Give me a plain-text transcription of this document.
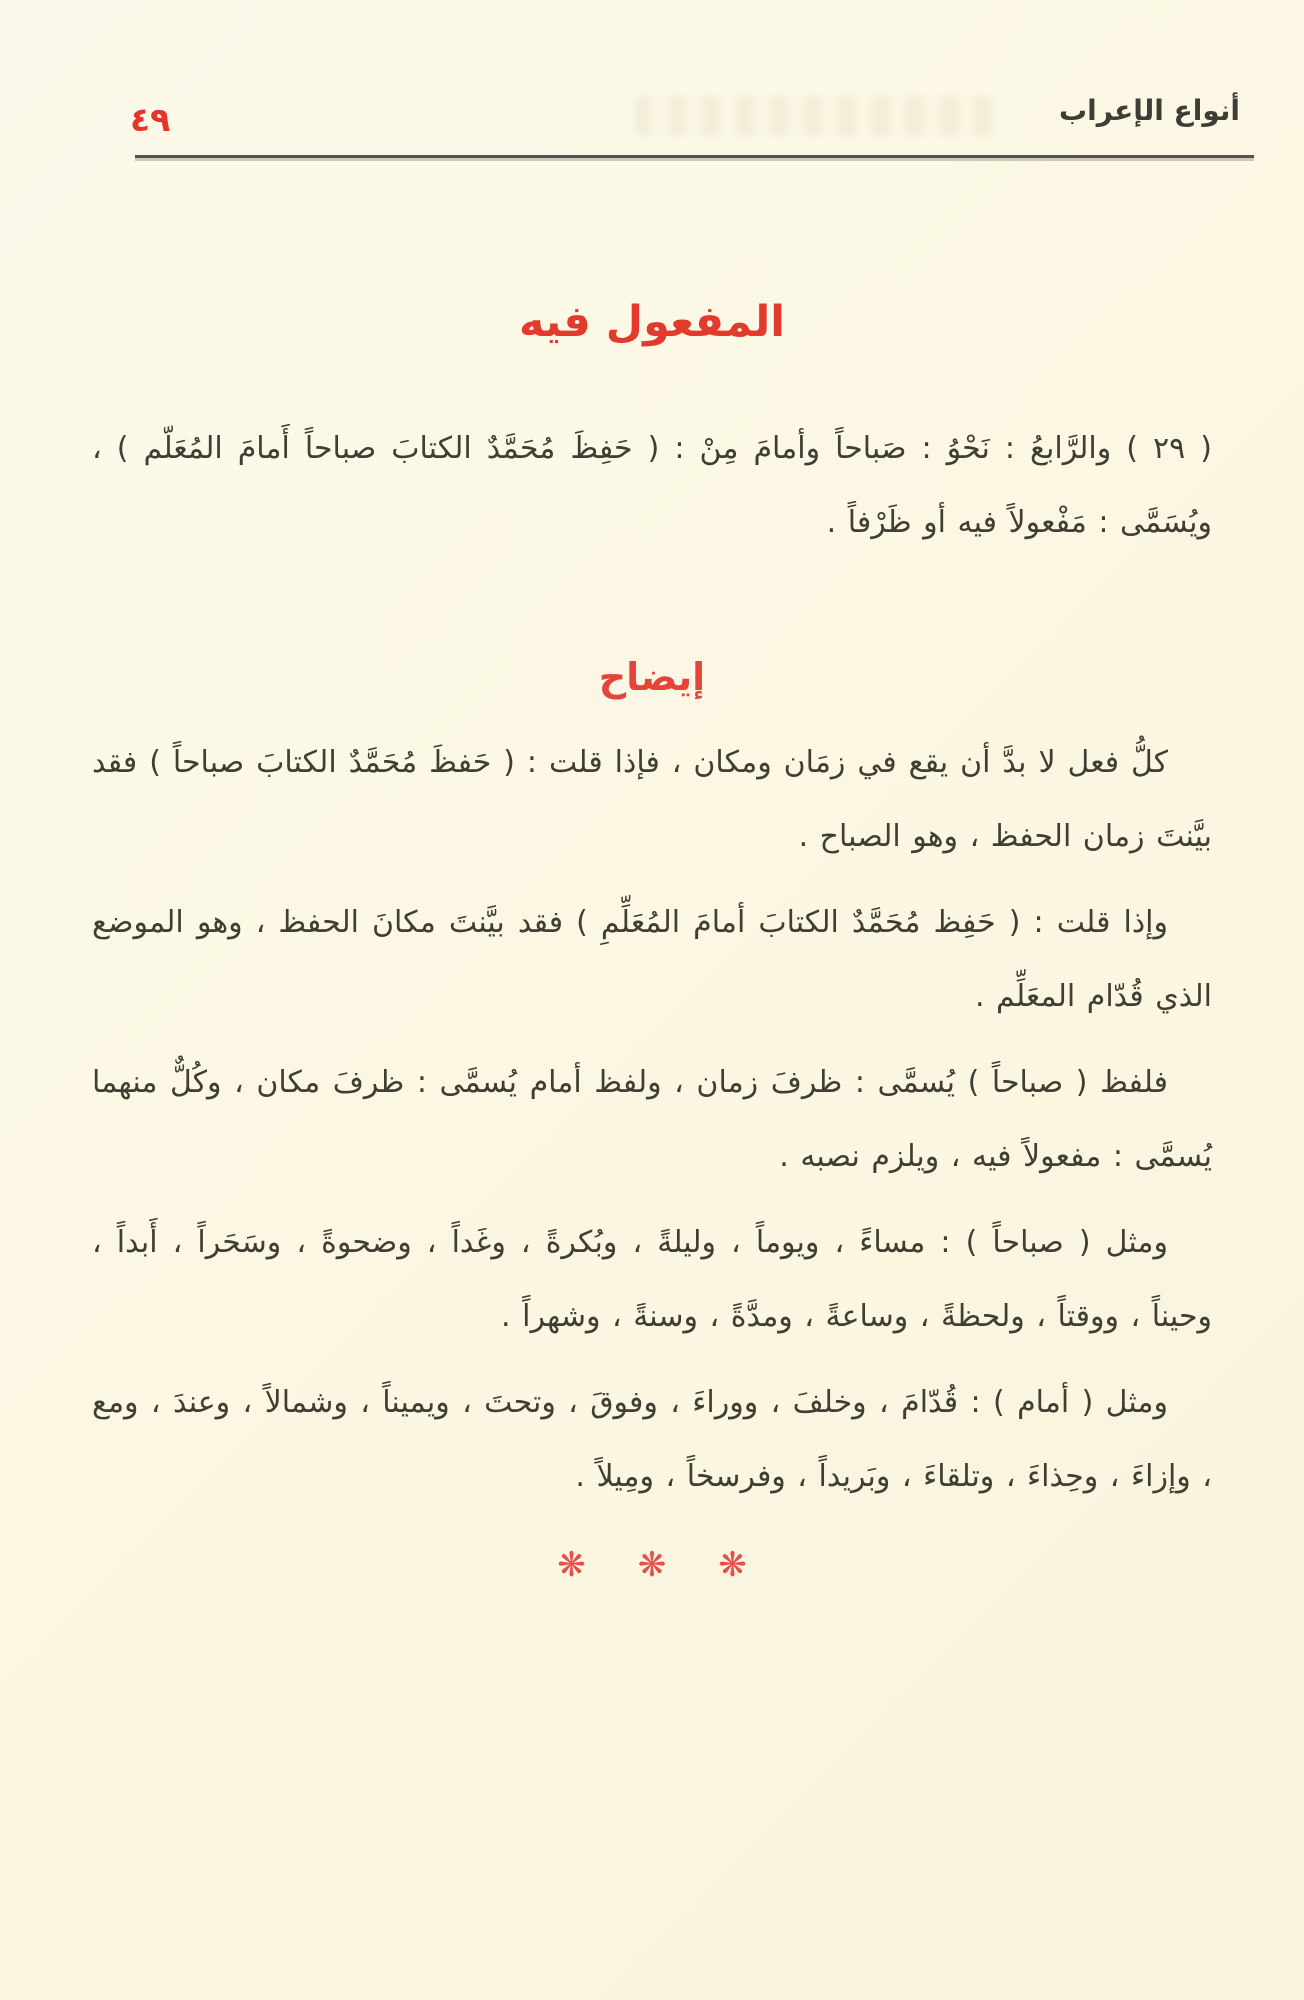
٤٩	أنواع الإعراب
المفعول فيه

( ٢٩ ) والرَّابعُ : نَحْوُ : صَباحاً وأمامَ مِنْ : ( حَفِظَ مُحَمَّدٌ الكتابَ صباحاً أَمامَ المُعَلّم ) ، ويُسَمَّى : مَفْعولاً فيه أو ظَرْفاً .

إيضاح

كلُّ فعل لا بدَّ أن يقع في زمَان ومكان ، فإذا قلت : ( حَفظَ مُحَمَّدٌ الكتابَ صباحاً ) فقد بيَّنتَ زمان الحفظ ، وهو الصباح .

وإذا قلت : ( حَفِظ مُحَمَّدٌ الكتابَ أمامَ المُعَلِّمِ ) فقد بيَّنتَ مكانَ الحفظ ، وهو الموضع الذي قُدّام المعَلِّم .

فلفظ ( صباحاً ) يُسمَّى : ظرفَ زمان ، ولفظ أمام يُسمَّى : ظرفَ مكان ، وكُلٌّ منهما يُسمَّى : مفعولاً فيه ، ويلزم نصبه .

ومثل ( صباحاً ) : مساءً ، ويوماً ، وليلةً ، وبُكرةً ، وغَداً ، وضحوةً ، وسَحَراً ، أَبداً ، وحيناً ، ووقتاً ، ولحظةً ، وساعةً ، ومدَّةً ، وسنةً ، وشهراً .

ومثل ( أمام ) : قُدّامَ ، وخلفَ ، ووراءَ ، وفوقَ ، وتحتَ ، ويميناً ، وشمالاً ، وعندَ ، ومع ، وإزاءَ ، وحِذاءَ ، وتلقاءَ ، وبَريداً ، وفرسخاً ، ومِيلاً .

❋
❋
❋
